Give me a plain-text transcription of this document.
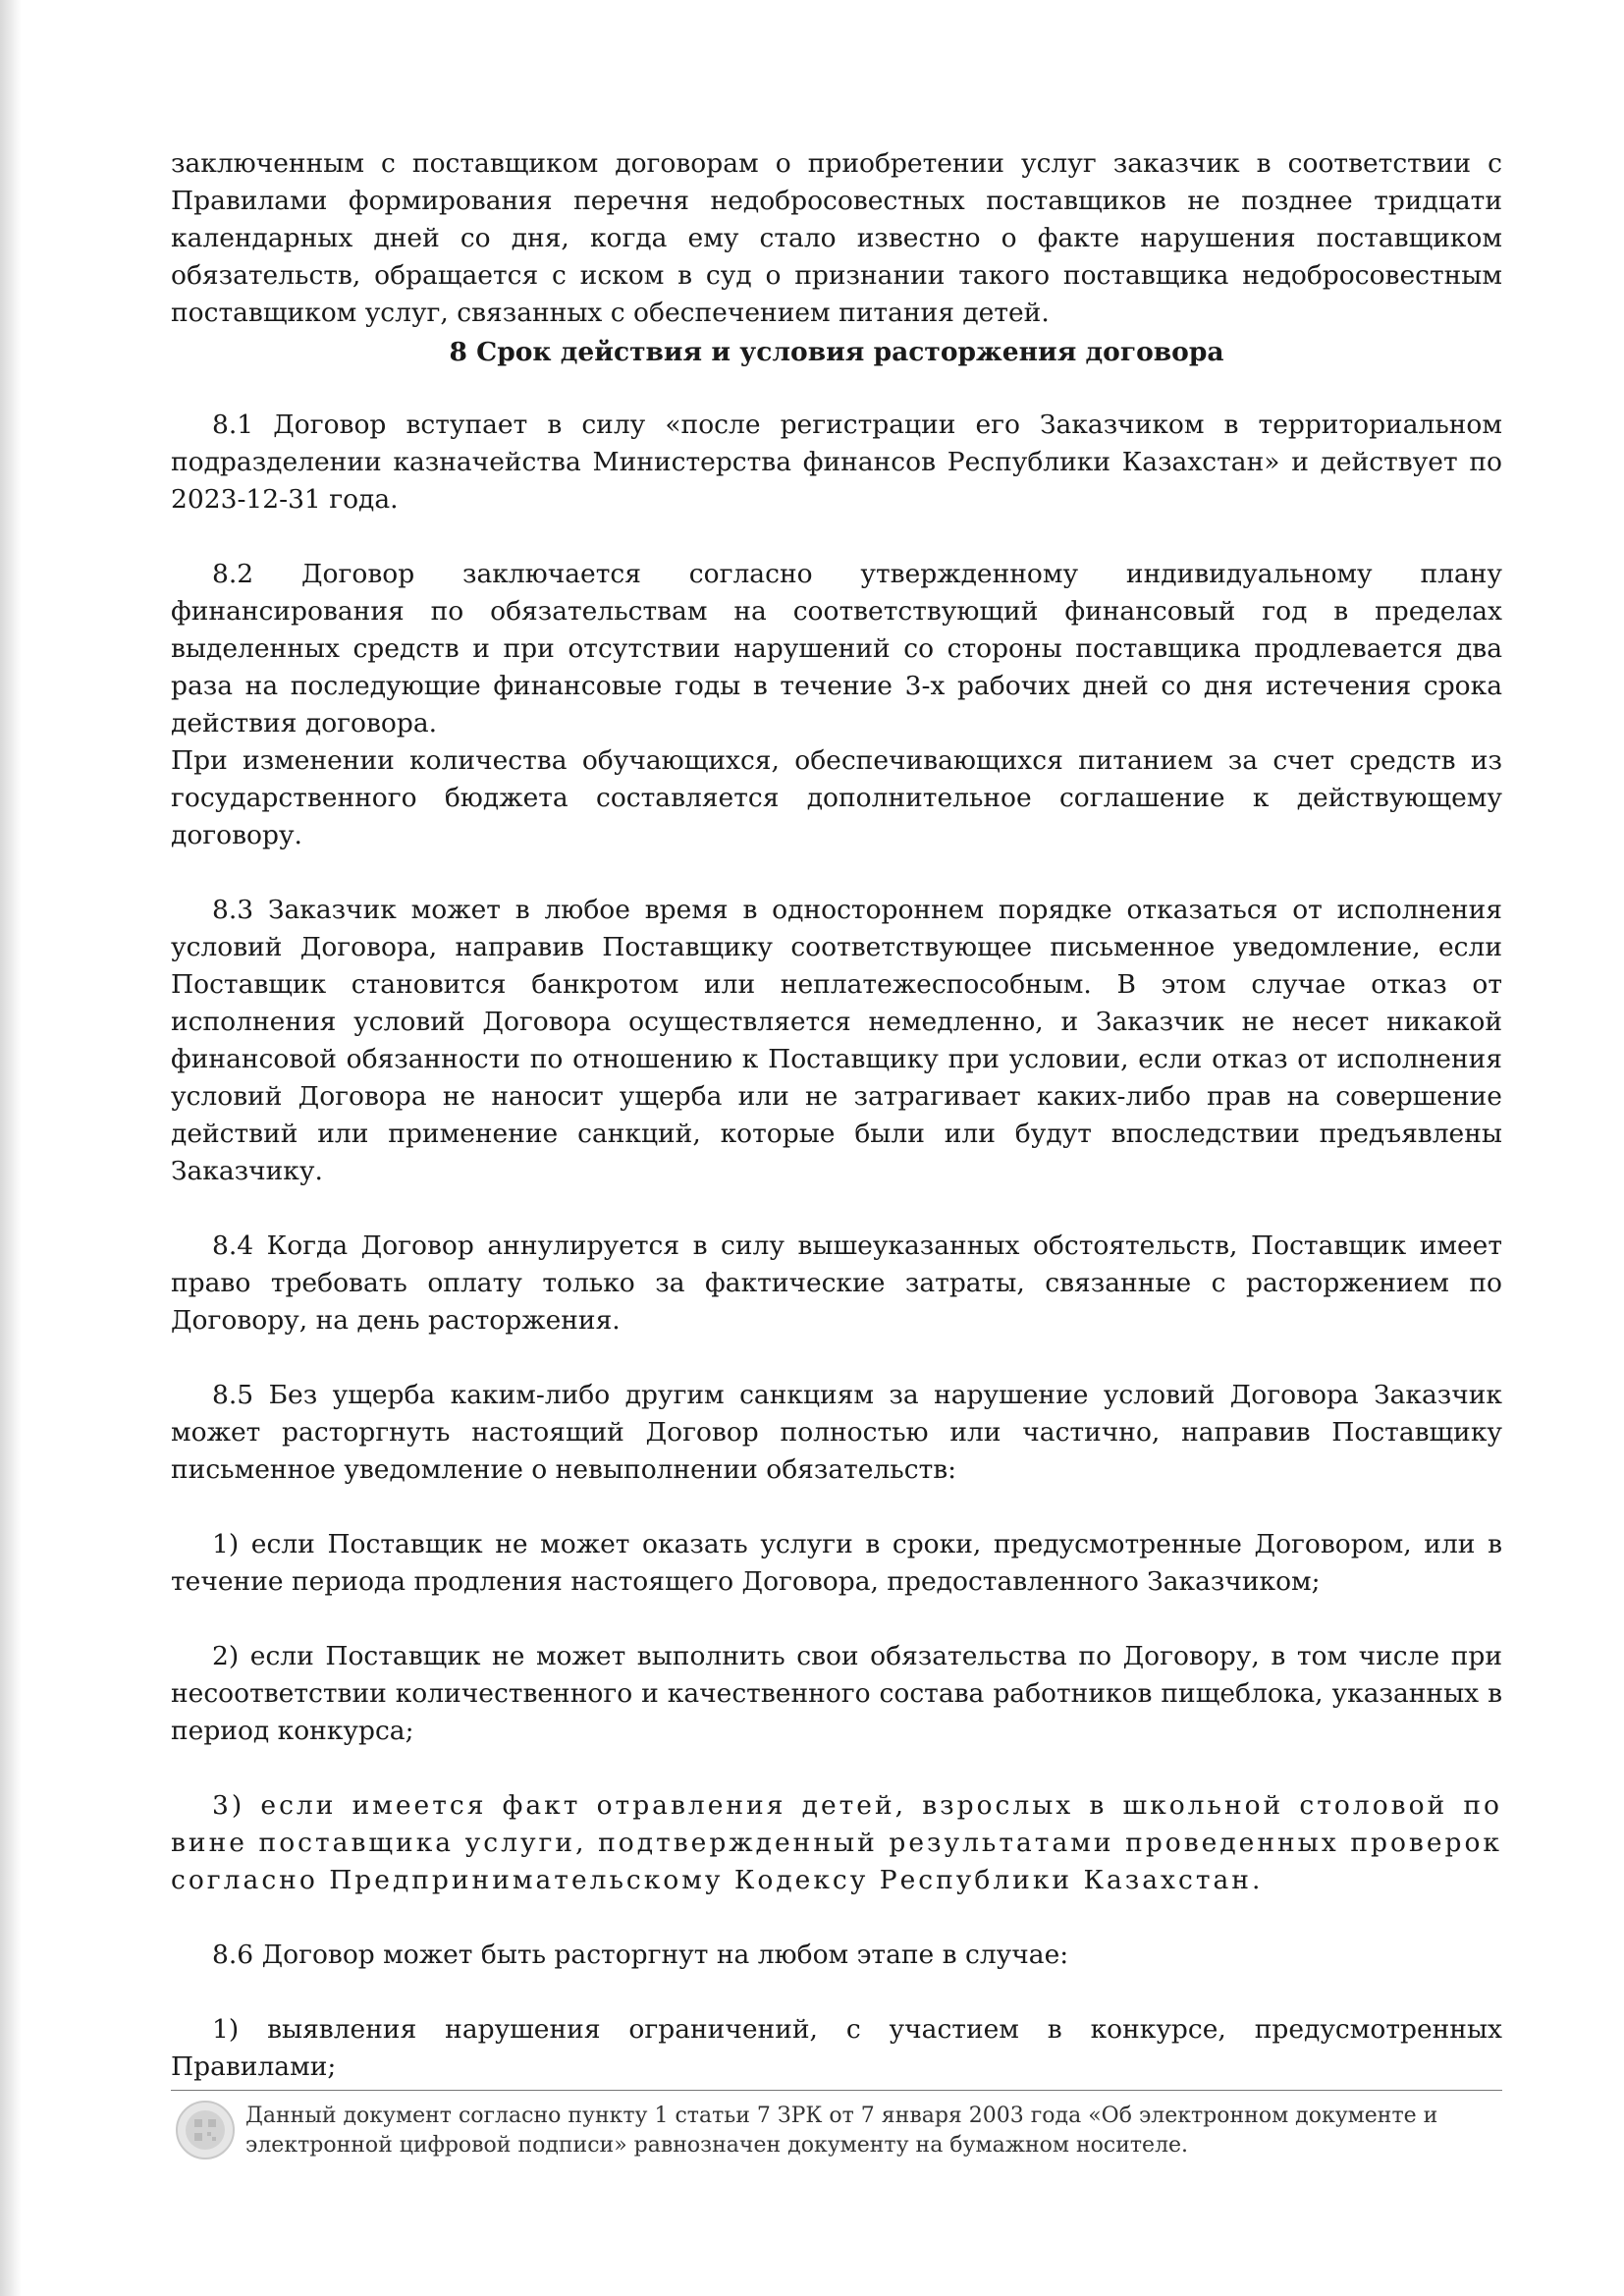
заключенным с поставщиком договорам о приобретении услуг заказчик в соответствии с Правилами формирования перечня недобросовестных поставщиков не позднее тридцати календарных дней со дня, когда ему стало известно о факте нарушения поставщиком обязательств, обращается с иском в суд о признании такого поставщика недобросовестным поставщиком услуг, связанных с обеспечением питания детей.

8 Срок действия и условия расторжения договора

8.1 Договор вступает в силу «после регистрации его Заказчиком в территориальном подразделении казначейства Министерства финансов Республики Казахстан» и действует по 2023-12-31 года.

8.2 Договор заключается согласно утвержденному индивидуальному плану финансирования по обязательствам на соответствующий финансовый год в пределах выделенных средств и при отсутствии нарушений со стороны поставщика продлевается два раза на последующие финансовые годы в течение 3-х рабочих дней со дня истечения срока действия договора.

При изменении количества обучающихся, обеспечивающихся питанием за счет средств из государственного бюджета составляется дополнительное соглашение к действующему договору.

8.3 Заказчик может в любое время в одностороннем порядке отказаться от исполнения условий Договора, направив Поставщику соответствующее письменное уведомление, если Поставщик становится банкротом или неплатежеспособным. В этом случае отказ от исполнения условий Договора осуществляется немедленно, и Заказчик не несет никакой финансовой обязанности по отношению к Поставщику при условии, если отказ от исполнения условий Договора не наносит ущерба или не затрагивает каких-либо прав на совершение действий или применение санкций, которые были или будут впоследствии предъявлены Заказчику.

8.4 Когда Договор аннулируется в силу вышеуказанных обстоятельств, Поставщик имеет право требовать оплату только за фактические затраты, связанные с расторжением по Договору, на день расторжения.

8.5 Без ущерба каким-либо другим санкциям за нарушение условий Договора Заказчик может расторгнуть настоящий Договор полностью или частично, направив Поставщику письменное уведомление о невыполнении обязательств:

1) если Поставщик не может оказать услуги в сроки, предусмотренные Договором, или в течение периода продления настоящего Договора, предоставленного Заказчиком;

2) если Поставщик не может выполнить свои обязательства по Договору, в том числе при несоответствии количественного и качественного состава работников пищеблока, указанных в период конкурса;

3) если имеется факт отравления детей, взрослых в школьной столовой по вине поставщика услуги, подтвержденный результатами проведенных проверок согласно Предпринимательскому Кодексу Республики Казахстан.

8.6 Договор может быть расторгнут на любом этапе в случае:

1) выявления нарушения ограничений, с участием в конкурсе, предусмотренных Правилами;

Данный документ согласно пункту 1 статьи 7 ЗРК от 7 января 2003 года «Об электронном документе и электронной цифровой подписи» равнозначен документу на бумажном носителе.
